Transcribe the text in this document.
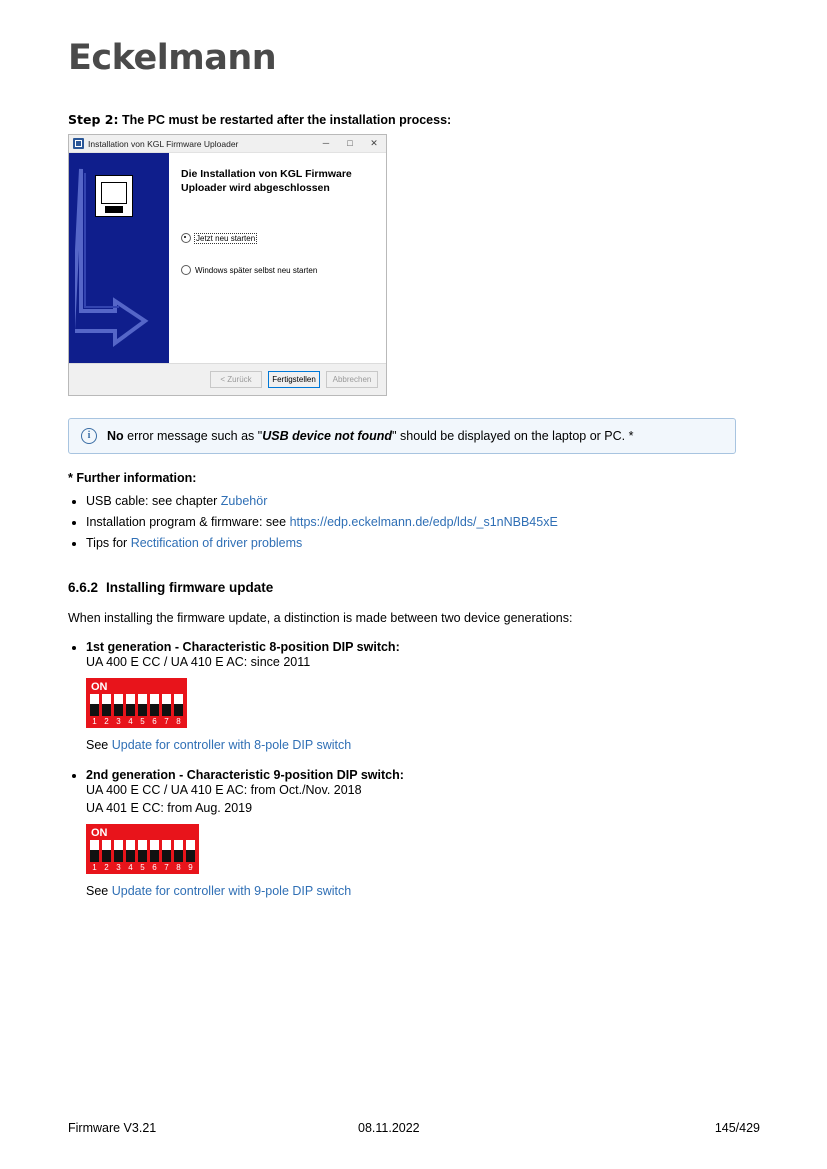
Eckelmann
Step 2: The PC must be restarted after the installation process:
Installation von KGL Firmware Uploader	─	□	✕
Die Installation von KGL Firmware Uploader wird abgeschlossen
Jetzt neu starten
Windows später selbst neu starten
< Zurück	Fertigstellen	Abbrechen
i	No error message such as "USB device not found" should be displayed on the laptop or PC. *
* Further information:
• USB cable: see chapter Zubehör
• Installation program & firmware: see https://edp.eckelmann.de/edp/lds/_s1nNBB45xE
• Tips for Rectification of driver problems
6.6.2 Installing firmware update

When installing the firmware update, a distinction is made between two device generations:

• 1st generation - Characteristic 8-position DIP switch:
UA 400 E CC / UA 410 E AC: since 2011
ON
1 2 3 4 5 6 7 8
See Update for controller with 8-pole DIP switch
• 2nd generation - Characteristic 9-position DIP switch:
UA 400 E CC / UA 410 E AC: from Oct./Nov. 2018
UA 401 E CC: from Aug. 2019
ON
1 2 3 4 5 6 7 8 9
See Update for controller with 9-pole DIP switch
Firmware V3.21	08.11.2022	145/429
